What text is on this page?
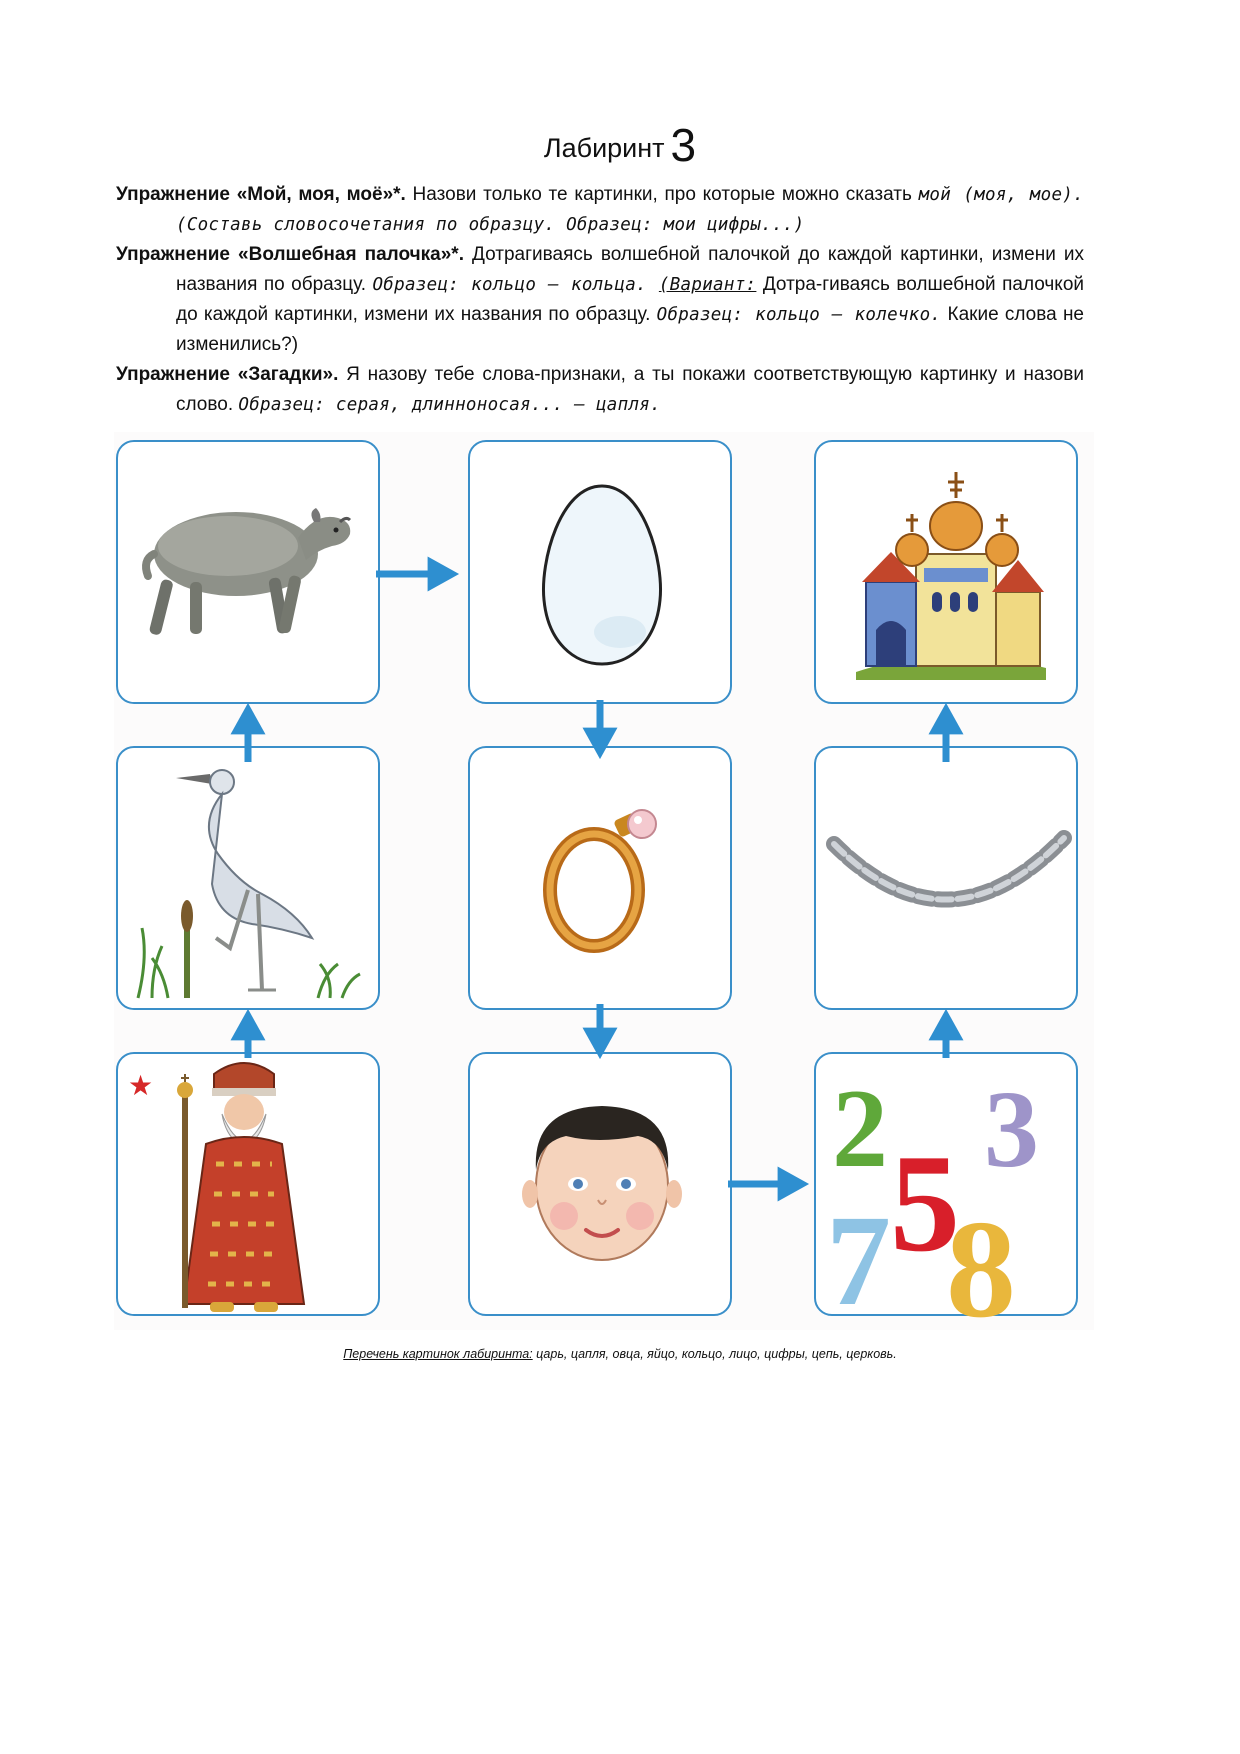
Лабиринт 3

Упражнение «Мой, моя, моё»*. Назови только те картинки, про которые можно сказать мой (моя, мое). (Составь словосочетания по образцу. Образец: мои цифры...)

Упражнение «Волшебная палочка»*. Дотрагиваясь волшебной палочкой до каждой картинки, измени их названия по образцу. Образец: кольцо – кольца. (Вариант: Дотра-гиваясь волшебной палочкой до каждой картинки, измени их названия по образцу. Образец: кольцо – колечко. Какие слова не изменились?)

Упражнение «Загадки». Я назову тебе слова-признаки, а ты покажи соответствующую картинку и назови слово. Образец: серая, длинноносая... – цапля.

2 3
7 5
8
★
Перечень картинок лабиринта: царь, цапля, овца, яйцо, кольцо, лицо, цифры, цепь, церковь.
